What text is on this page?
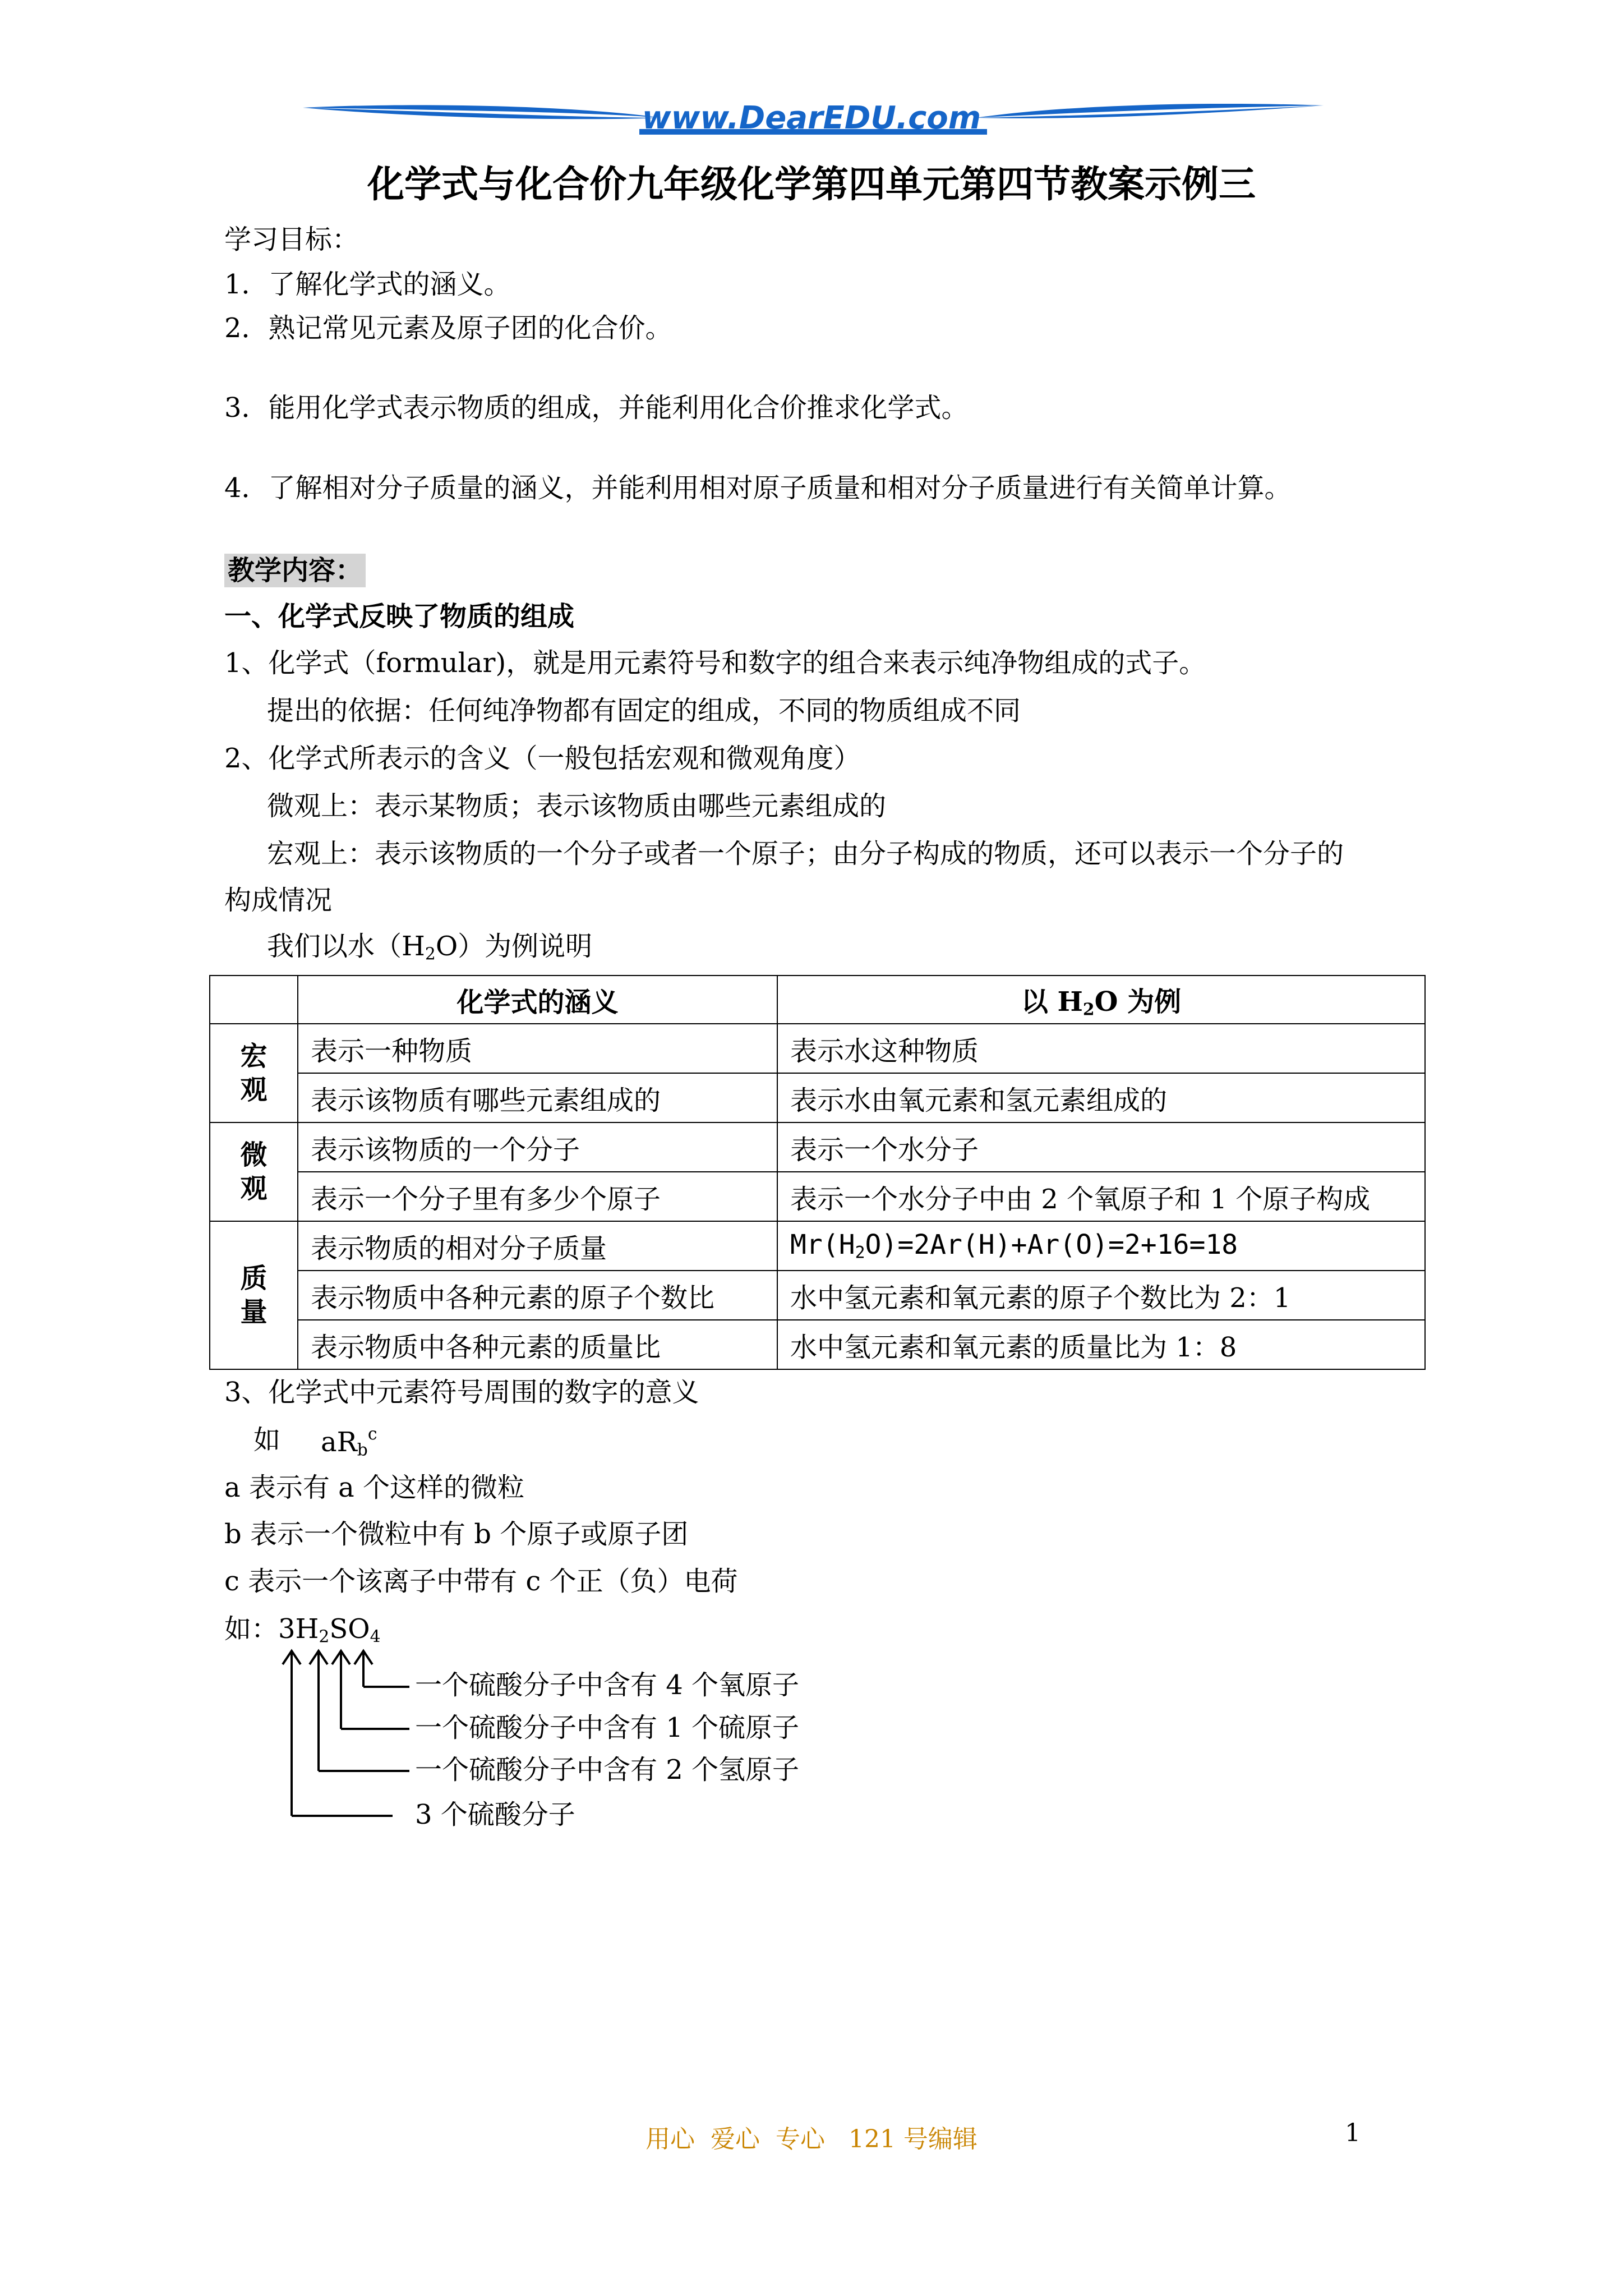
www.DearEDU.com
化学式与化合价九年级化学第四单元第四节教案示例三
学习目标：
1．了解化学式的涵义。
2．熟记常见元素及原子团的化合价。
3．能用化学式表示物质的组成，并能利用化合价推求化学式。
4．了解相对分子质量的涵义，并能利用相对原子质量和相对分子质量进行有关简单计算。
教学内容：
一、化学式反映了物质的组成
1、化学式（formular)，就是用元素符号和数字的组合来表示纯净物组成的式子。
提出的依据：任何纯净物都有固定的组成，不同的物质组成不同
2、化学式所表示的含义（一般包括宏观和微观角度）
微观上：表示某物质；表示该物质由哪些元素组成的
宏观上：表示该物质的一个分子或者一个原子；由分子构成的物质，还可以表示一个分子的
构成情况
我们以水$(H_2O)$为例说明
	化学式的涵义	以 $H_2O$ 为例
宏观	表示一种物质	表示水这种物质
	表示该物质有哪些元素组成的	表示水由氧元素和氢元素组成的
微观	表示该物质的一个分子	表示一个水分子
	表示一个分子里有多少个原子	表示一个水分子中由 2 个氧原子和 1 个原子构成
质量	表示物质的相对分子质量	$Mr(H_2O)=2Ar(H)+Ar(O)=2+16=18$
	表示物质中各种元素的原子个数比	水中氢元素和氧元素的原子个数比为 2：1
	表示物质中各种元素的质量比	水中氢元素和氧元素的质量比为 1：8
3、化学式中元素符号周围的数字的意义
如 $aR_b^c$
a 表示有 a 个这样的微粒
b 表示一个微粒中有 b 个原子或原子团
c 表示一个该离子中带有 c 个正（负）电荷
如：$3H_2SO_4$
一个硫酸分子中含有 4 个氧原子
一个硫酸分子中含有 1 个硫原子
一个硫酸分子中含有 2 个氢原子
3 个硫酸分子
用心  爱心  专心   121 号编辑	1
